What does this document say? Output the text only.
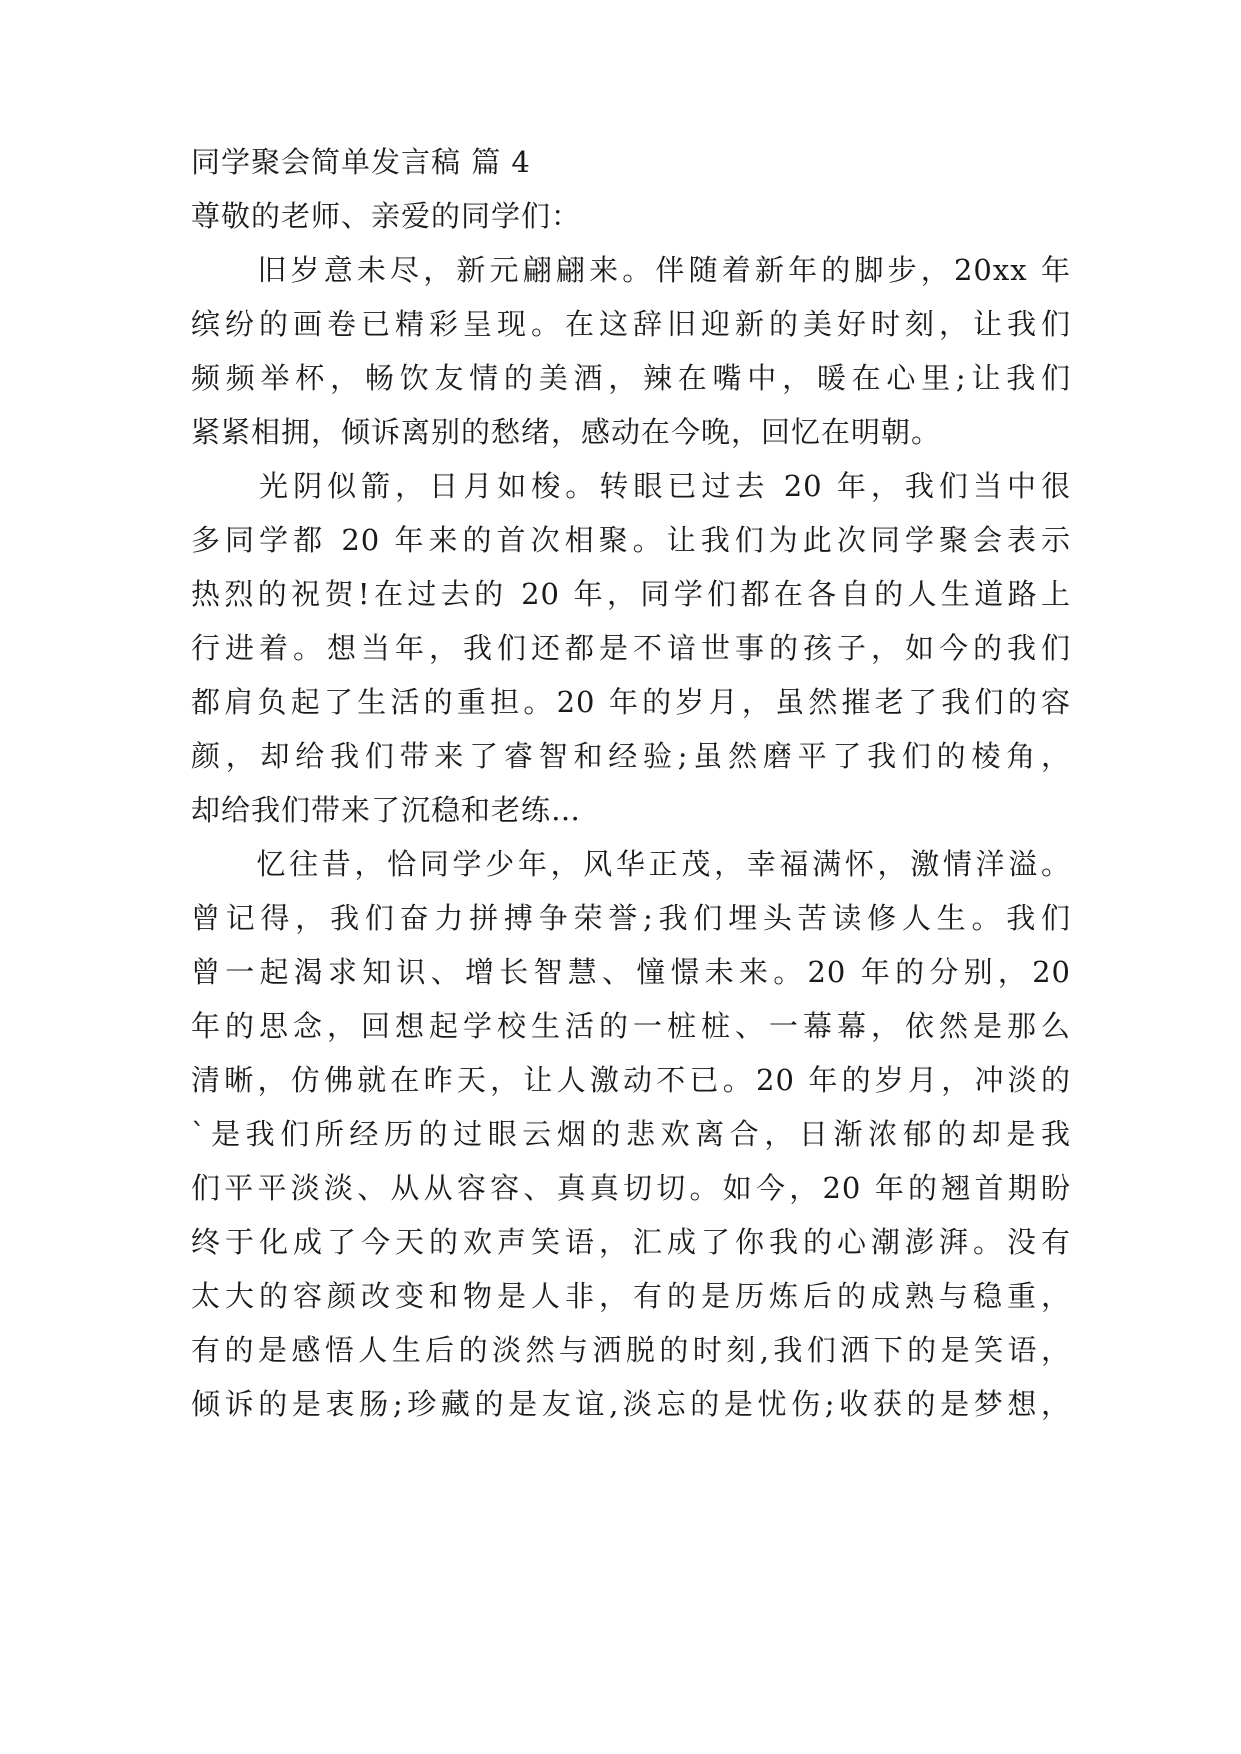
同学聚会简单发言稿 篇 4
尊敬的老师、亲爱的同学们：
　　旧岁意未尽，新元翩翩来。伴随着新年的脚步，20xx 年
缤纷的画卷已精彩呈现。在这辞旧迎新的美好时刻，让我们
频频举杯，畅饮友情的美酒，辣在嘴中，暖在心里;让我们
紧紧相拥，倾诉离别的愁绪，感动在今晚，回忆在明朝。
　　光阴似箭，日月如梭。转眼已过去 20 年，我们当中很
多同学都 20 年来的首次相聚。让我们为此次同学聚会表示
热烈的祝贺!在过去的 20 年，同学们都在各自的人生道路上
行进着。想当年，我们还都是不谙世事的孩子，如今的我们
都肩负起了生活的重担。20 年的岁月，虽然摧老了我们的容
颜，却给我们带来了睿智和经验;虽然磨平了我们的棱角，
却给我们带来了沉稳和老练…
　　忆往昔，恰同学少年，风华正茂，幸福满怀，激情洋溢。
曾记得，我们奋力拼搏争荣誉;我们埋头苦读修人生。我们
曾一起渴求知识、增长智慧、憧憬未来。20 年的分别，20
年的思念，回想起学校生活的一桩桩、一幕幕，依然是那么
清晰，仿佛就在昨天，让人激动不已。20 年的岁月，冲淡的
`是我们所经历的过眼云烟的悲欢离合，日渐浓郁的却是我
们平平淡淡、从从容容、真真切切。如今，20 年的翘首期盼
终于化成了今天的欢声笑语，汇成了你我的心潮澎湃。没有
太大的容颜改变和物是人非，有的是历炼后的成熟与稳重，
有的是感悟人生后的淡然与洒脱的时刻,我们洒下的是笑语，
倾诉的是衷肠;珍藏的是友谊,淡忘的是忧伤;收获的是梦想，
